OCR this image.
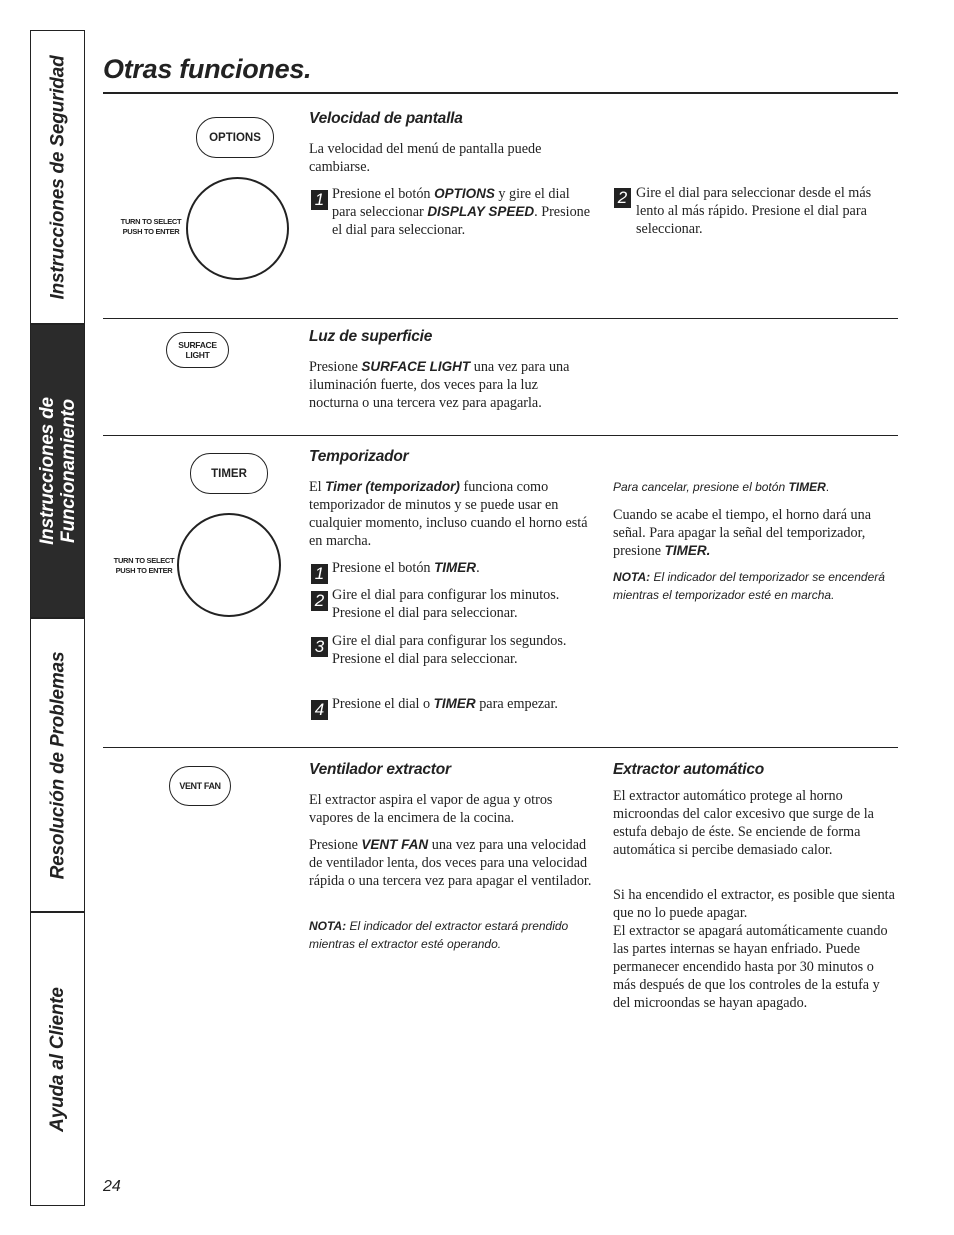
Instrucciones de Seguridad
Instrucciones de
Funcionamiento
Resolución de Problemas
Ayuda al Cliente
Otras funciones.
OPTIONS
TURN TO SELECT
PUSH TO ENTER
Velocidad de pantalla

La velocidad del menú de pantalla puede cambiarse.

1 Presione el botón OPTIONS y gire el dial para seleccionar DISPLAY SPEED. Presione el dial para seleccionar.

2 Gire el dial para seleccionar desde el más lento al más rápido. Presione el dial para seleccionar.

SURFACE
LIGHT
Luz de superficie

Presione SURFACE LIGHT una vez para una iluminación fuerte, dos veces para la luz nocturna o una tercera vez para apagarla.

TIMER
TURN TO SELECT
PUSH TO ENTER
Temporizador

El Timer (temporizador) funciona como temporizador de minutos y se puede usar en cualquier momento, incluso cuando el horno está en marcha.

1 Presione el botón TIMER.

2 Gire el dial para configurar los minutos. Presione el dial para seleccionar.

3 Gire el dial para configurar los segundos. Presione el dial para seleccionar.

4 Presione el dial o TIMER para empezar.

Para cancelar, presione el botón TIMER.

Cuando se acabe el tiempo, el horno dará una señal. Para apagar la señal del temporizador, presione TIMER.

NOTA: El indicador del temporizador se encenderá mientras el temporizador esté en marcha.
VENT FAN
Ventilador extractor

El extractor aspira el vapor de agua y otros vapores de la encimera de la cocina.

Presione VENT FAN una vez para una velocidad de ventilador lenta, dos veces para una velocidad rápida o una tercera vez para apagar el ventilador.

NOTA: El indicador del extractor estará prendido mientras el extractor esté operando.
Extractor automático

El extractor automático protege al horno microondas del calor excesivo que surge de la estufa debajo de éste. Se enciende de forma automática si percibe demasiado calor.

Si ha encendido el extractor, es posible que sienta que no lo puede apagar.

El extractor se apagará automáticamente cuando las partes internas se hayan enfriado. Puede permanecer encendido hasta por 30 minutos o más después de que los controles de la estufa y del microondas se hayan apagado.

24
